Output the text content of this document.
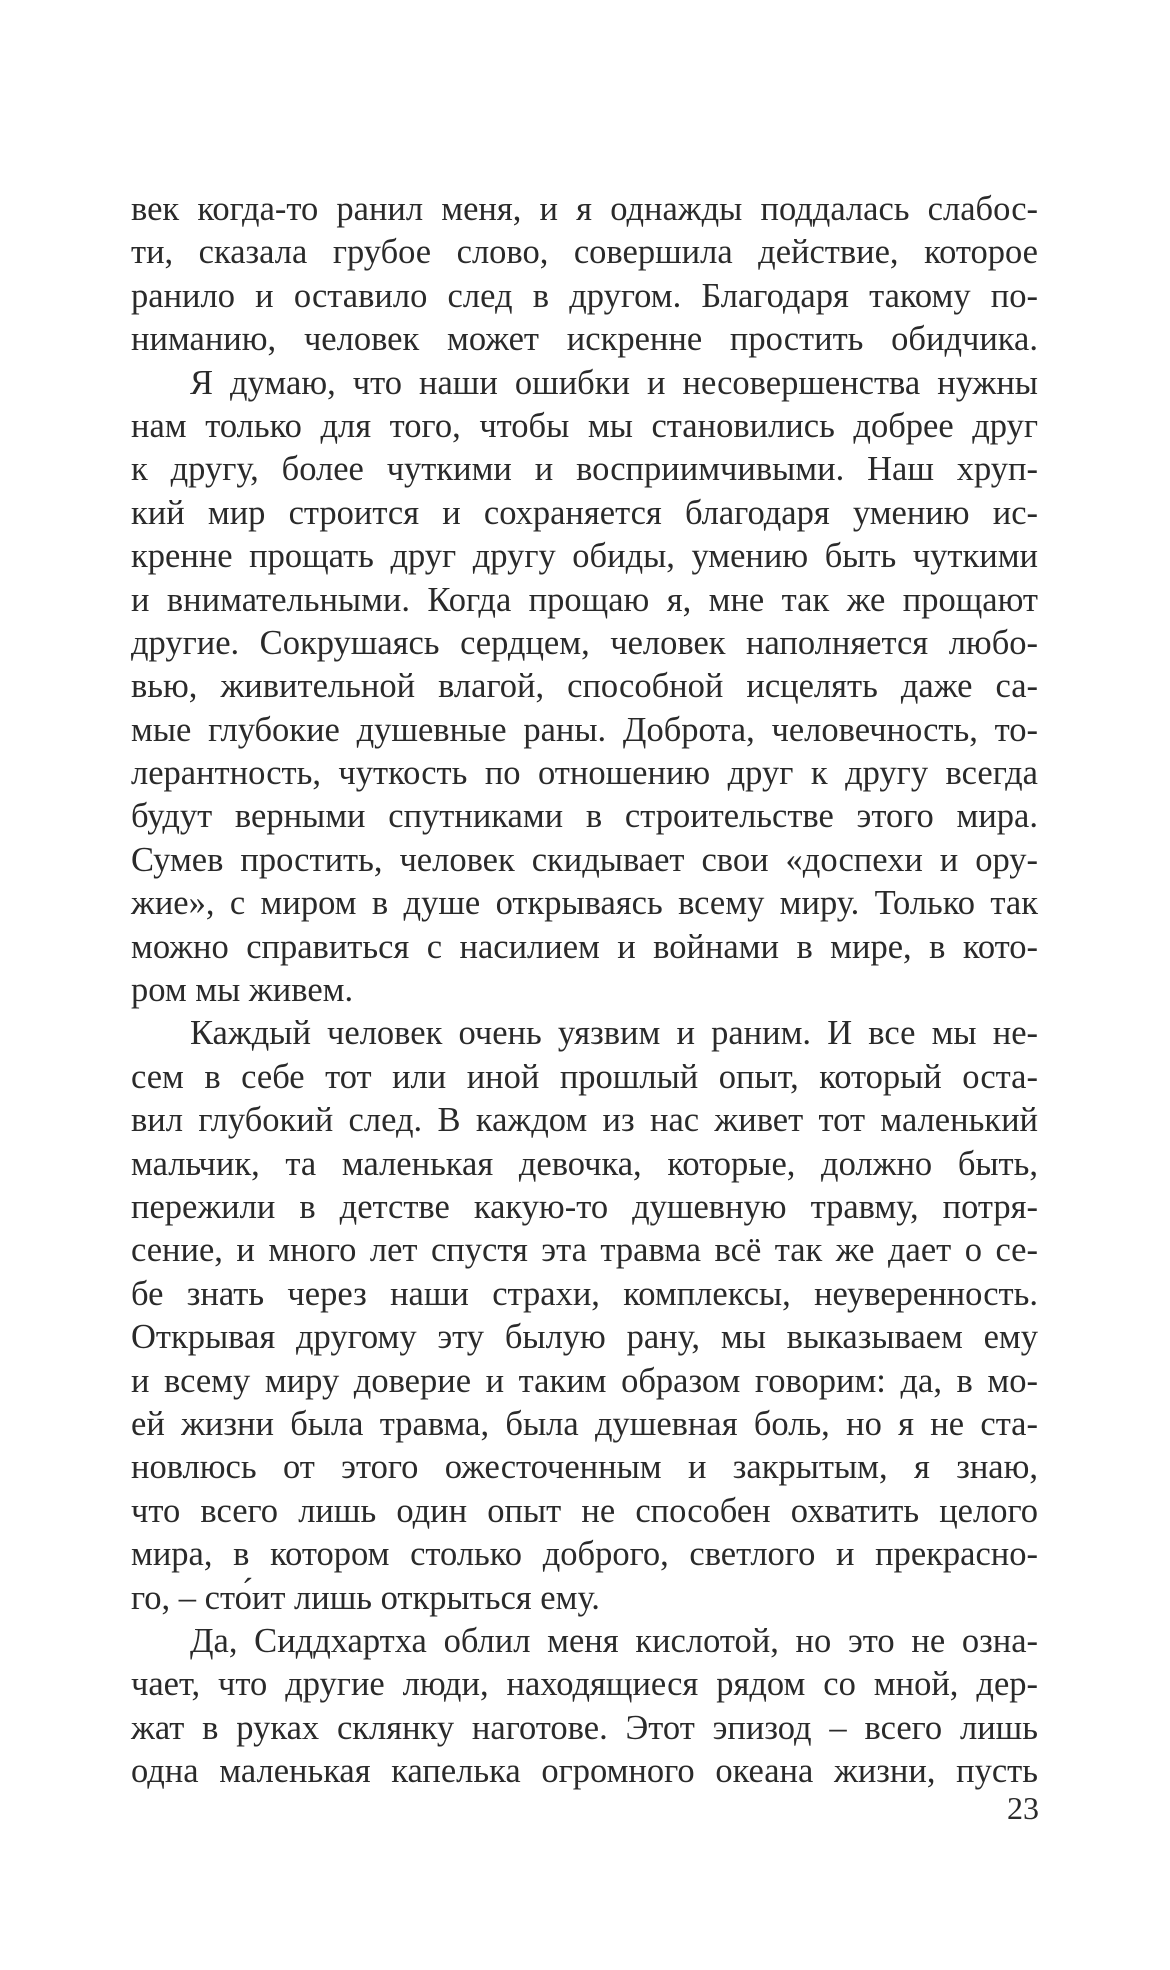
век когда-то ранил меня, и я однажды поддалась слабос-
ти, сказала грубое слово, совершила действие, которое
ранило и оставило след в другом. Благодаря такому по-
ниманию, человек может искренне простить обидчика.
Я думаю, что наши ошибки и несовершенства нужны
нам только для того, чтобы мы становились добрее друг
к другу, более чуткими и восприимчивыми. Наш хруп-
кий мир строится и сохраняется благодаря умению ис-
кренне прощать друг другу обиды, умению быть чуткими
и внимательными. Когда прощаю я, мне так же прощают
другие. Сокрушаясь сердцем, человек наполняется любо-
вью, живительной влагой, способной исцелять даже са-
мые глубокие душевные раны. Доброта, человечность, то-
лерантность, чуткость по отношению друг к другу всегда
будут верными спутниками в строительстве этого мира.
Сумев простить, человек скидывает свои «доспехи и ору-
жие», с миром в душе открываясь всему миру. Только так
можно справиться с насилием и войнами в мире, в кото-
ром мы живем.
Каждый человек очень уязвим и раним. И все мы не-
сем в себе тот или иной прошлый опыт, который оста-
вил глубокий след. В каждом из нас живет тот маленький
мальчик, та маленькая девочка, которые, должно быть,
пережили в детстве какую-то душевную травму, потря-
сение, и много лет спустя эта травма всё так же дает о се-
бе знать через наши страхи, комплексы, неуверенность.
Открывая другому эту былую рану, мы выказываем ему
и всему миру доверие и таким образом говорим: да, в мо-
ей жизни была травма, была душевная боль, но я не ста-
новлюсь от этого ожесточенным и закрытым, я знаю,
что всего лишь один опыт не способен охватить целого
мира, в котором столько доброго, светлого и прекрасно-
го, – сто́ит лишь открыться ему.
Да, Сиддхартха облил меня кислотой, но это не озна-
чает, что другие люди, находящиеся рядом со мной, дер-
жат в руках склянку наготове. Этот эпизод – всего лишь
одна маленькая капелька огромного океана жизни, пусть
23
